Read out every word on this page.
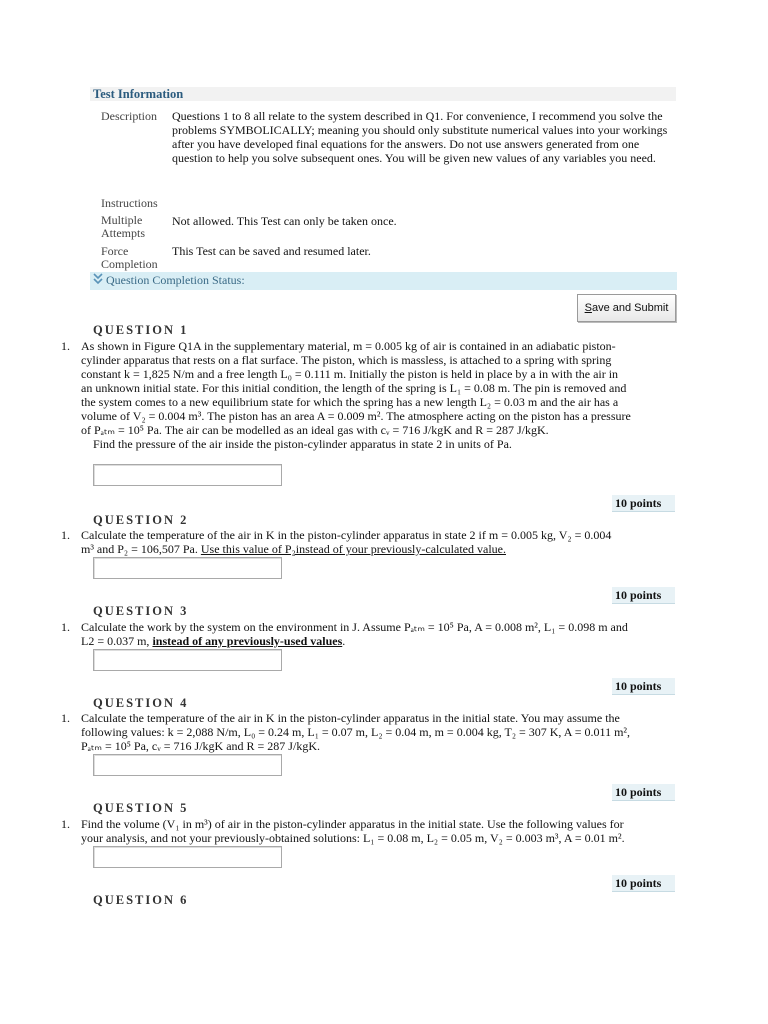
Test Information
Description Questions 1 to 8 all relate to the system described in Q1. For convenience, I recommend you solve the problems SYMBOLICALLY; meaning you should only substitute numerical values into your workings after you have developed final equations for the answers. Do not use answers generated from one question to help you solve subsequent ones. You will be given new values of any variables you need.
Instructions
Multiple
Attempts
Not allowed. This Test can only be taken once.
Force
Completion
This Test can be saved and resumed later.
Question Completion Status:
Save and Submit
QUESTION 1
1. As shown in Figure Q1A in the supplementary material, m = 0.005 kg of air is contained in an adiabatic piston-
cylinder apparatus that rests on a flat surface. The piston, which is massless, is attached to a spring with spring
constant k = 1,825 N/m and a free length L₀ = 0.111 m. Initially the piston is held in place by a in with the air in
an unknown initial state. For this initial condition, the length of the spring is L₁ = 0.08 m. The pin is removed and
the system comes to a new equilibrium state for which the spring has a new length L₂ = 0.03 m and the air has a
volume of V₂ = 0.004 m³. The piston has an area A = 0.009 m². The atmosphere acting on the piston has a pressure
of Pₐₜₘ = 10⁵ Pa. The air can be modelled as an ideal gas with cᵥ = 716 J/kgK and R = 287 J/kgK.
Find the pressure of the air inside the piston-cylinder apparatus in state 2 in units of Pa.
10 points
QUESTION 2
1. Calculate the temperature of the air in K in the piston-cylinder apparatus in state 2 if m = 0.005 kg, V₂ = 0.004
m³ and P₂ = 106,507 Pa. Use this value of P₂instead of your previously-calculated value.
10 points
QUESTION 3
1. Calculate the work by the system on the environment in J. Assume Pₐₜₘ = 10⁵ Pa, A = 0.008 m², L₁ = 0.098 m and
L2 = 0.037 m, instead of any previously-used values.
10 points
QUESTION 4
1. Calculate the temperature of the air in K in the piston-cylinder apparatus in the initial state. You may assume the
following values: k = 2,088 N/m, L₀ = 0.24 m, L₁ = 0.07 m, L₂ = 0.04 m, m = 0.004 kg, T₂ = 307 K, A = 0.011 m²,
Pₐₜₘ = 10⁵ Pa, cᵥ = 716 J/kgK and R = 287 J/kgK.
10 points
QUESTION 5
1. Find the volume (V₁ in m³) of air in the piston-cylinder apparatus in the initial state. Use the following values for
your analysis, and not your previously-obtained solutions: L₁ = 0.08 m, L₂ = 0.05 m, V₂ = 0.003 m³, A = 0.01 m².
10 points
QUESTION 6
